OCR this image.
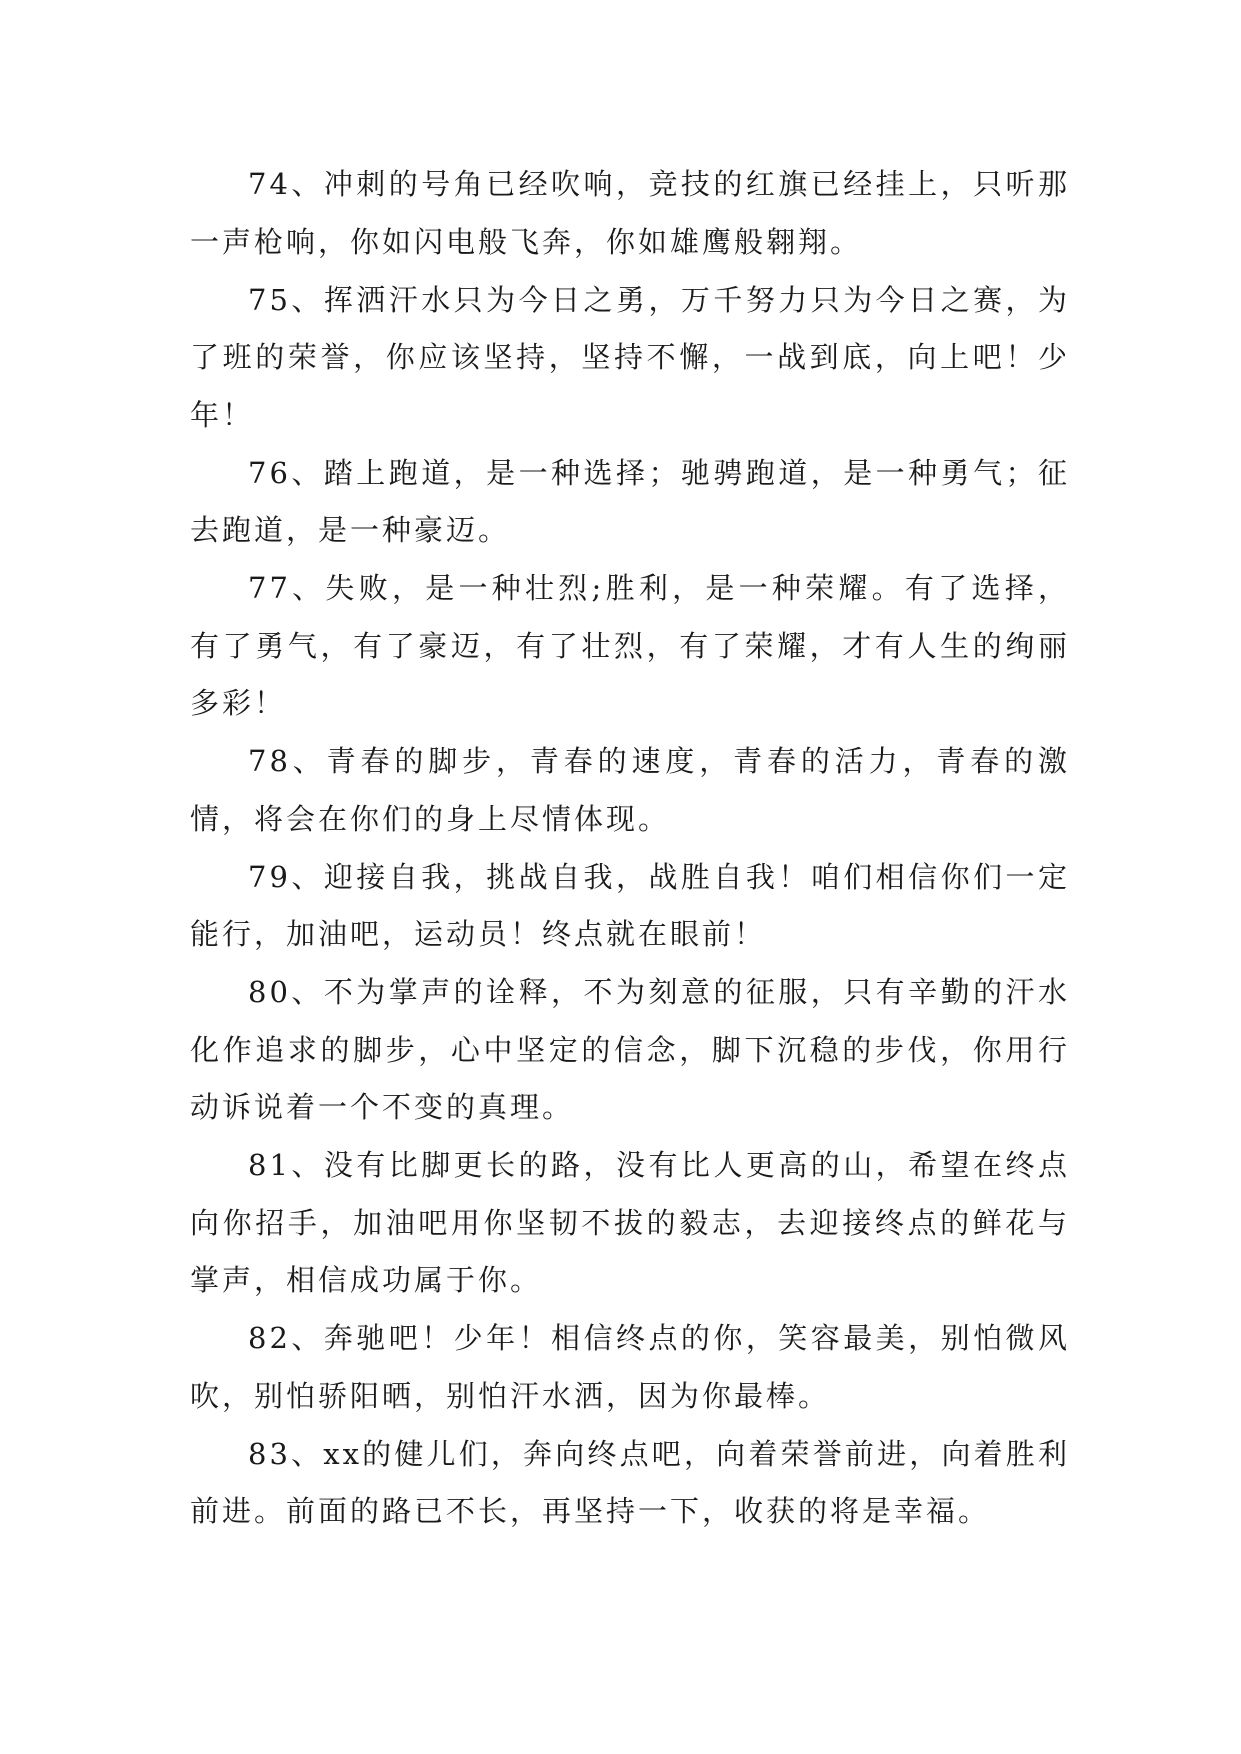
74、冲刺的号角已经吹响，竞技的红旗已经挂上，只听那一声枪响，你如闪电般飞奔，你如雄鹰般翱翔。

75、挥洒汗水只为今日之勇，万千努力只为今日之赛，为了班的荣誉，你应该坚持，坚持不懈，一战到底，向上吧！少年！

76、踏上跑道，是一种选择；驰骋跑道，是一种勇气；征去跑道，是一种豪迈。

77、失败，是一种壮烈;胜利，是一种荣耀。有了选择，有了勇气，有了豪迈，有了壮烈，有了荣耀，才有人生的绚丽多彩！

78、青春的脚步，青春的速度，青春的活力，青春的激情，将会在你们的身上尽情体现。

79、迎接自我，挑战自我，战胜自我！咱们相信你们一定能行，加油吧，运动员！终点就在眼前！

80、不为掌声的诠释，不为刻意的征服，只有辛勤的汗水化作追求的脚步，心中坚定的信念，脚下沉稳的步伐，你用行动诉说着一个不变的真理。

81、没有比脚更长的路，没有比人更高的山，希望在终点向你招手，加油吧用你坚韧不拔的毅志，去迎接终点的鲜花与掌声，相信成功属于你。

82、奔驰吧！少年！相信终点的你，笑容最美，别怕微风吹，别怕骄阳晒，别怕汗水洒，因为你最棒。

83、xx的健儿们，奔向终点吧，向着荣誉前进，向着胜利前进。前面的路已不长，再坚持一下，收获的将是幸福。
